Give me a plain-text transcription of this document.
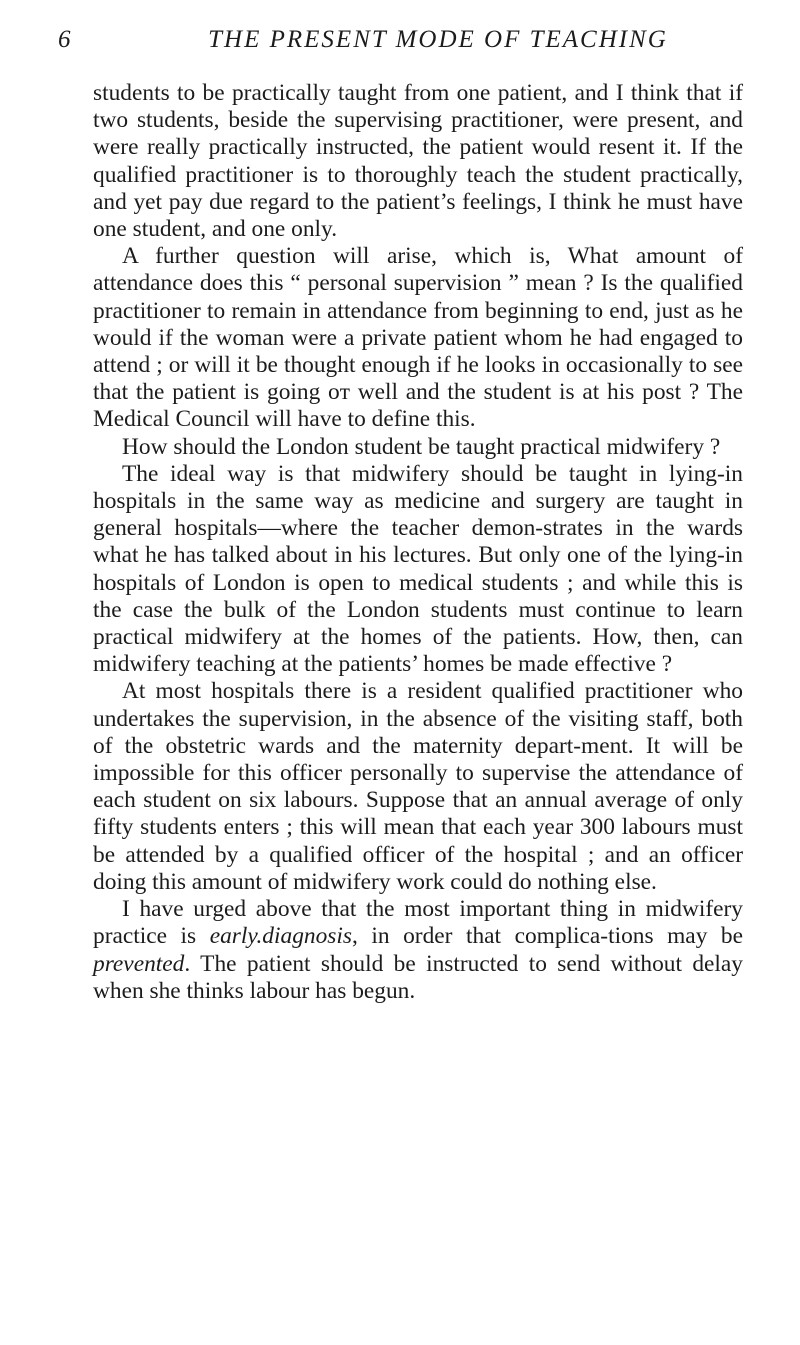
6	THE PRESENT MODE OF TEACHING

students to be practically taught from one patient, and I think that if two students, beside the supervising practitioner, were present, and were really practically instructed, the patient would resent it. If the qualified practitioner is to thoroughly teach the student practically, and yet pay due regard to the patient’s feelings, I think he must have one student, and one only.

A further question will arise, which is, What amount of attendance does this “ personal supervision ” mean ? Is the qualified practitioner to remain in attendance from beginning to end, just as he would if the woman were a private patient whom he had engaged to attend ; or will it be thought enough if he looks in occasionally to see that the patient is going oᴛ well and the student is at his post ? The Medical Council will have to define this.

How should the London student be taught practical midwifery ?

The ideal way is that midwifery should be taught in lying-in hospitals in the same way as medicine and surgery are taught in general hospitals—where the teacher demon-strates in the wards what he has talked about in his lectures. But only one of the lying-in hospitals of London is open to medical students ; and while this is the case the bulk of the London students must continue to learn practical midwifery at the homes of the patients. How, then, can midwifery teaching at the patients’ homes be made effective ?

At most hospitals there is a resident qualified practitioner who undertakes the supervision, in the absence of the visiting staff, both of the obstetric wards and the maternity depart-ment. It will be impossible for this officer personally to supervise the attendance of each student on six labours. Suppose that an annual average of only fifty students enters ; this will mean that each year 300 labours must be attended by a qualified officer of the hospital ; and an officer doing this amount of midwifery work could do nothing else.

I have urged above that the most important thing in midwifery practice is early.diagnosis, in order that complica-tions may be prevented. The patient should be instructed to send without delay when she thinks labour has begun.
